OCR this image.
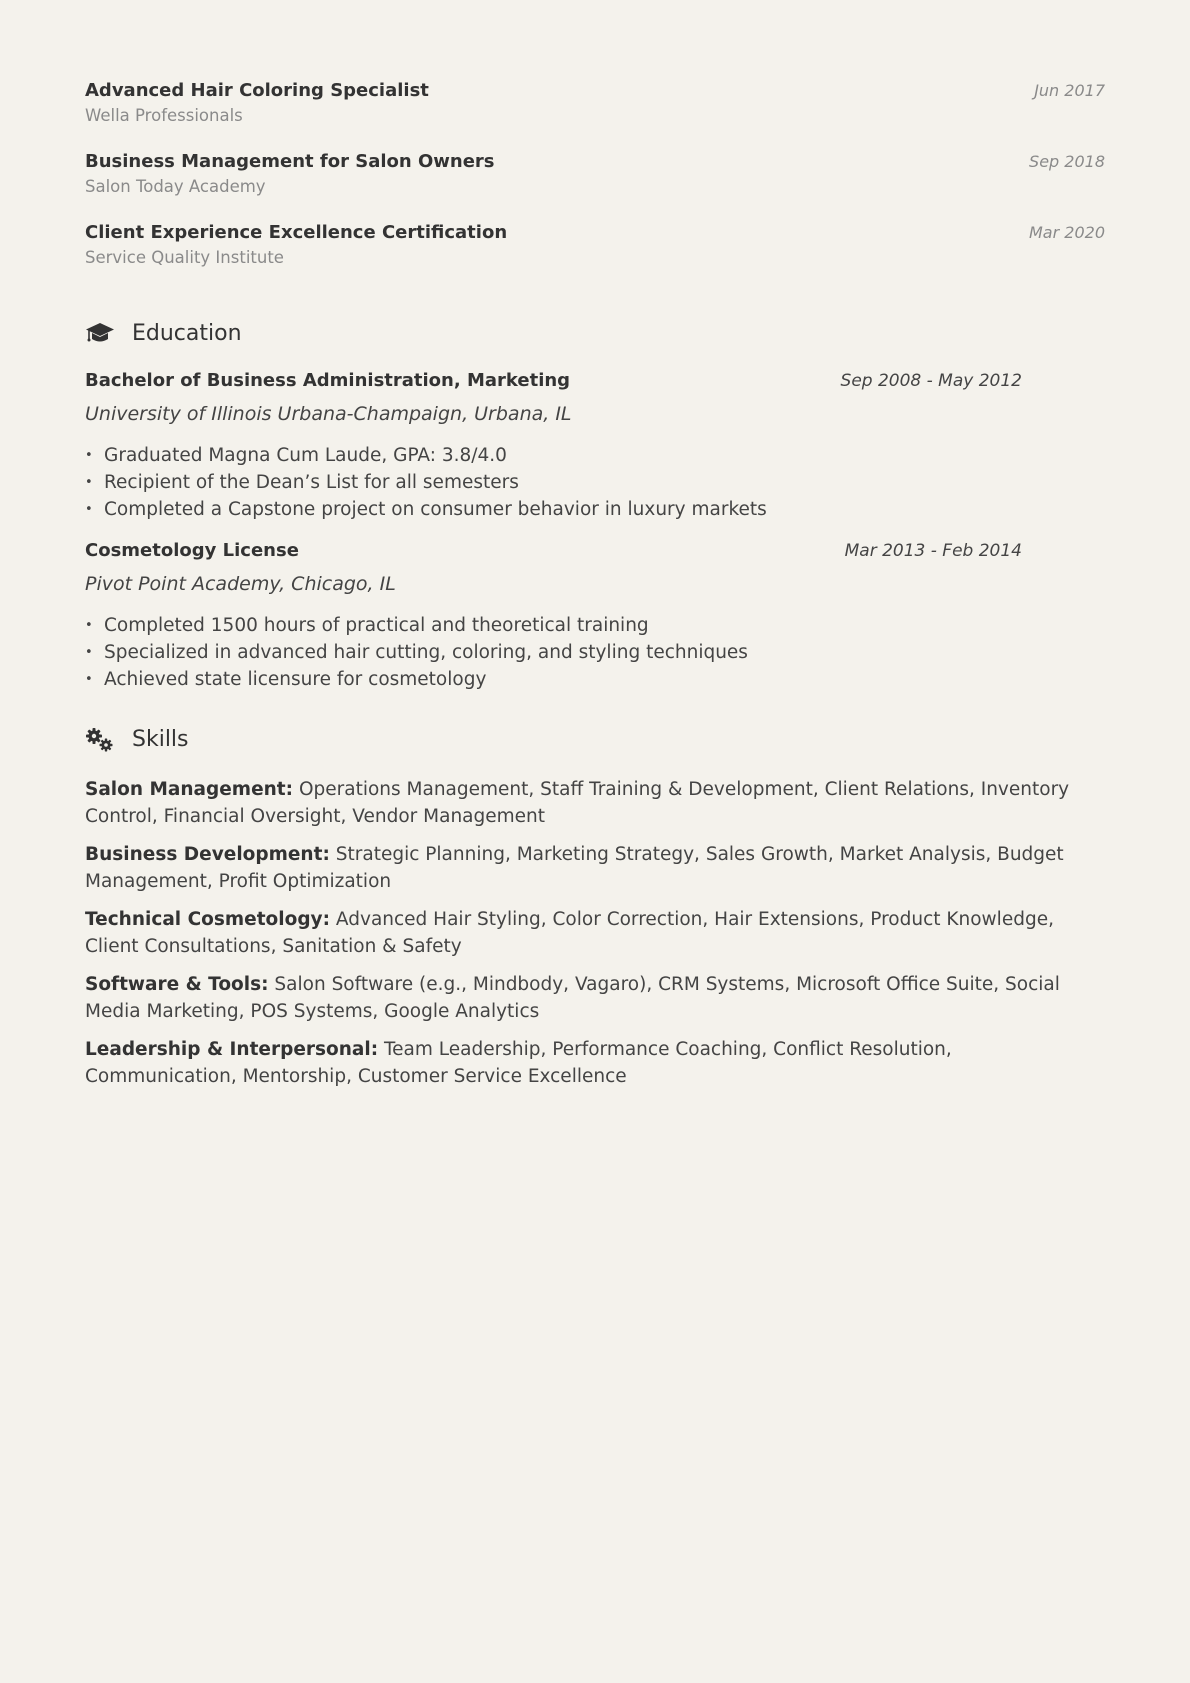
Advanced Hair Coloring Specialist
Wella Professionals
Jun 2017
Business Management for Salon Owners
Salon Today Academy
Sep 2018
Client Experience Excellence Certification
Service Quality Institute
Mar 2020
Education
Bachelor of Business Administration, Marketing	Sep 2008 - May 2012
University of Illinois Urbana-Champaign, Urbana, IL
• Graduated Magna Cum Laude, GPA: 3.8/4.0
• Recipient of the Dean’s List for all semesters
• Completed a Capstone project on consumer behavior in luxury markets
Cosmetology License	Mar 2013 - Feb 2014
Pivot Point Academy, Chicago, IL
• Completed 1500 hours of practical and theoretical training
• Specialized in advanced hair cutting, coloring, and styling techniques
• Achieved state licensure for cosmetology
Skills
Salon Management: Operations Management, Staff Training & Development, Client Relations, Inventory Control, Financial Oversight, Vendor Management
Business Development: Strategic Planning, Marketing Strategy, Sales Growth, Market Analysis, Budget Management, Profit Optimization
Technical Cosmetology: Advanced Hair Styling, Color Correction, Hair Extensions, Product Knowledge, Client Consultations, Sanitation & Safety
Software & Tools: Salon Software (e.g., Mindbody, Vagaro), CRM Systems, Microsoft Office Suite, Social Media Marketing, POS Systems, Google Analytics
Leadership & Interpersonal: Team Leadership, Performance Coaching, Conflict Resolution, Communication, Mentorship, Customer Service Excellence
